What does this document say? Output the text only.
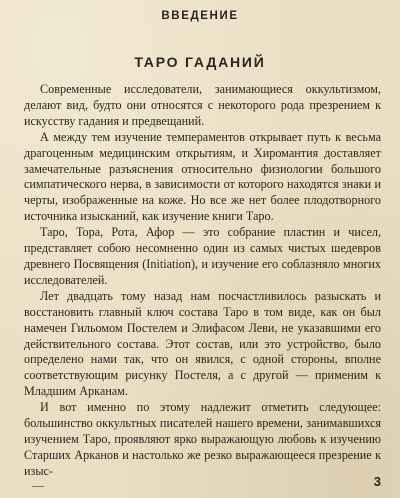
ВВЕДЕНИЕ
ТАРО ГАДАНИЙ

Современные исследователи, занимающиеся оккультизмом, делают вид, будто они относятся с некоторого рода презрением к искусству гадания и предвещаний.

А между тем изучение темпераментов открывает путь к весьма драгоценным медицинским открытиям, и Хиромантия доставляет замечательные разъяснения относительно физиологии большого симпатического нерва, в зависимости от которого находятся знаки и черты, изображенные на коже. Но все же нет более плодотворного источника изысканий, как изучение книги Таро.

Таро, Тора, Рота, Афор — это собрание пластин и чисел, представляет собою несомненно один из самых чистых шедевров древнего Посвящения (Initiation), и изучение его соблазняло многих исследователей.

Лет двадцать тому назад нам посчастливилось разыскать и восстановить главный ключ состава Таро в том виде, как он был намечен Гильомом Постелем и Элифасом Леви, не указавшими его действительного состава. Этот состав, или это устройство, было определено нами так, что он явился, с одной стороны, вполне соответствующим рисунку Постеля, а с другой — применим к Младшим Арканам.

И вот именно по этому надлежит отметить следующее: большинство оккультных писателей нашего времени, занимавшихся изучением Таро, проявляют ярко выражающую любовь к изучению Старших Арканов и настолько же резко выражающееся презрение к изыс-

—	3
